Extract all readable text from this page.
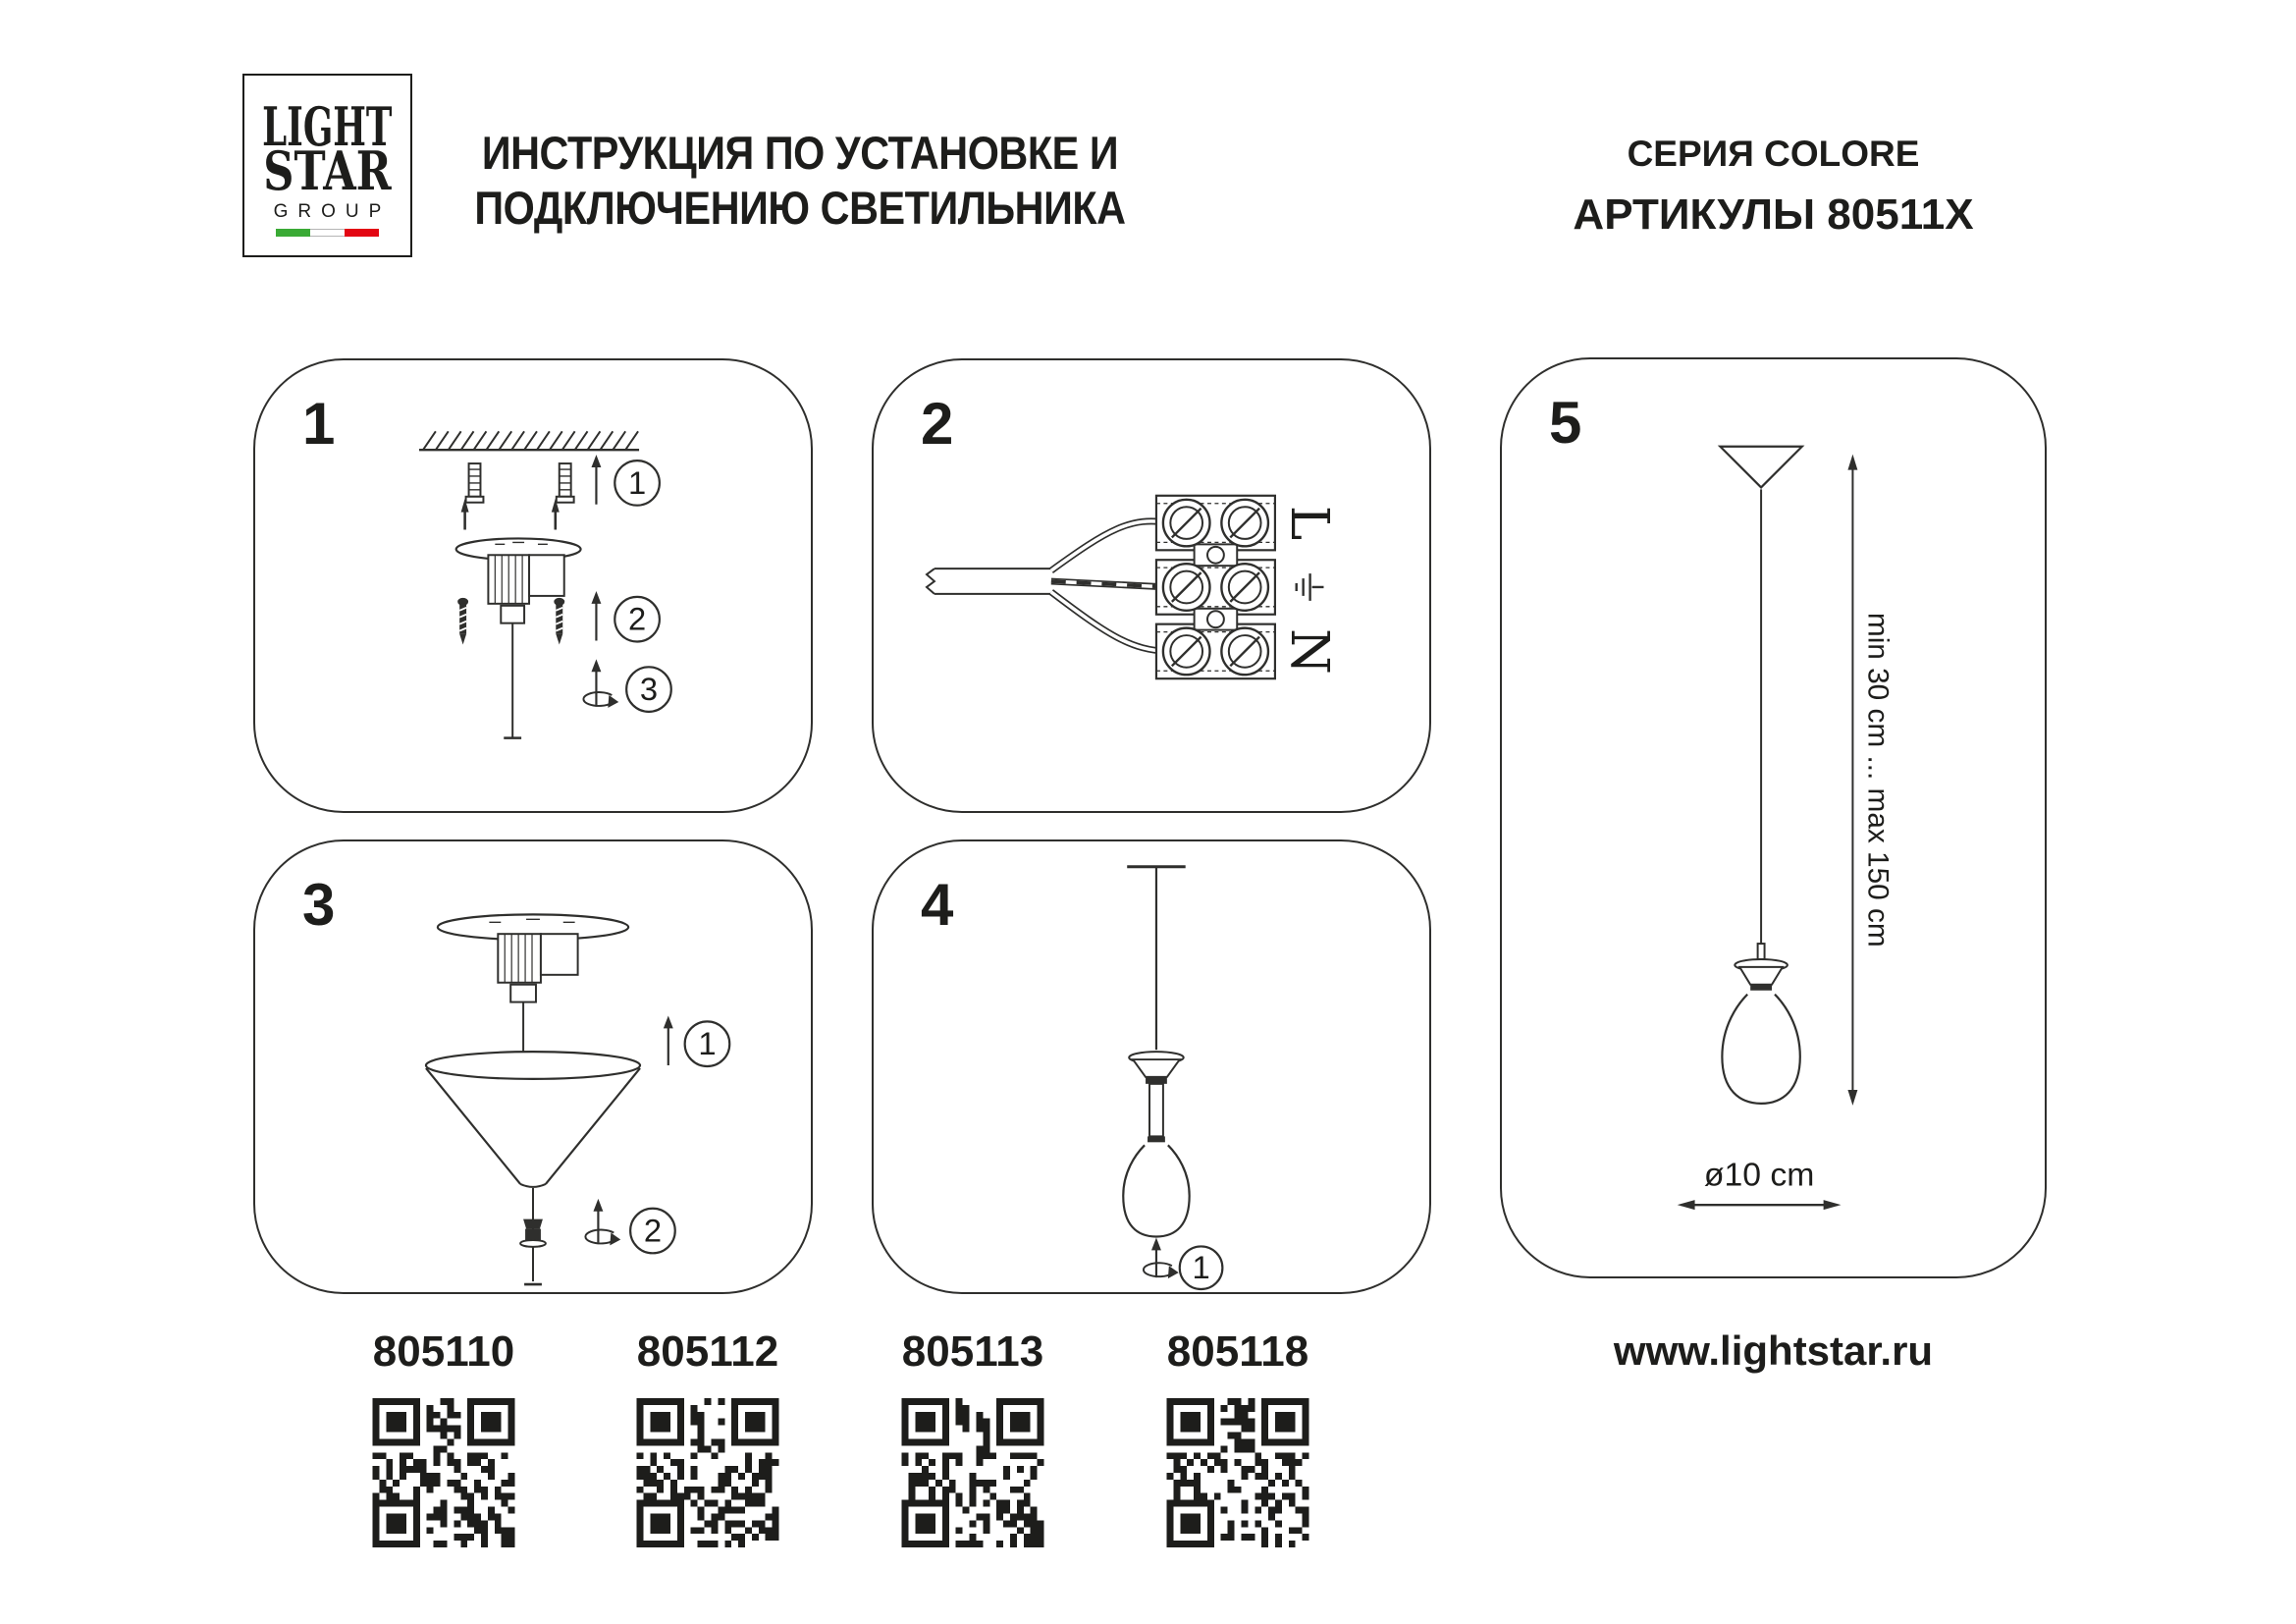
LIGHT
STAR
GROUP
ИНСТРУКЦИЯ ПО УСТАНОВКЕ И
ПОДКЛЮЧЕНИЮ СВЕТИЛЬНИКА
СЕРИЯ COLORE
АРТИКУЛЫ 80511X
1
2
3
1
L
N
2
1
2
3
1
4	min 30 cm ... max 150 cm
ø10 cm
5
805110	805112	805113	805118	www.lightstar.ru
